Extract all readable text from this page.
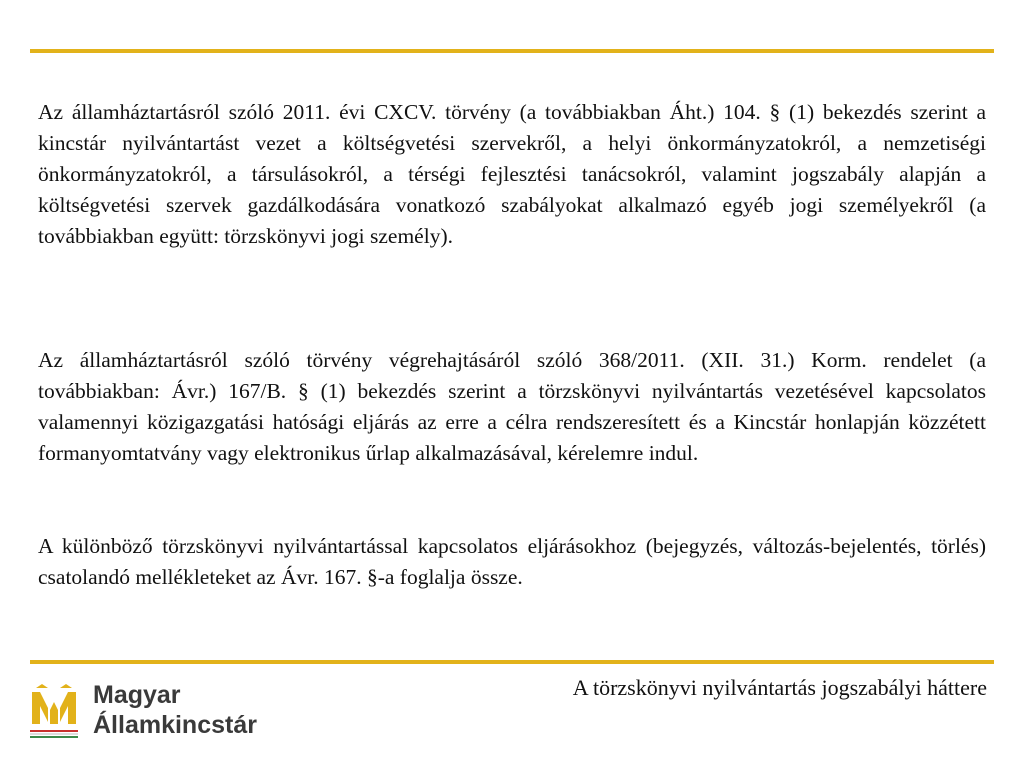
Az államháztartásról szóló 2011. évi CXCV. törvény (a továbbiakban Áht.) 104. § (1) bekezdés szerint a kincstár nyilvántartást vezet a költségvetési szervekről, a helyi önkormányzatokról, a nemzetiségi önkormányzatokról, a társulásokról, a térségi fejlesztési tanácsokról, valamint jogszabály alapján a költségvetési szervek gazdálkodására vonatkozó szabályokat alkalmazó egyéb jogi személyekről (a továbbiakban együtt: törzskönyvi jogi személy).

Az államháztartásról szóló törvény végrehajtásáról szóló 368/2011. (XII. 31.) Korm. rendelet (a továbbiakban: Ávr.) 167/B. § (1) bekezdés szerint a törzskönyvi nyilvántartás vezetésével kapcsolatos valamennyi közigazgatási hatósági eljárás az erre a célra rendszeresített és a Kincstár honlapján közzétett formanyomtatvány vagy elektronikus űrlap alkalmazásával, kérelemre indul.

A különböző törzskönyvi nyilvántartással kapcsolatos eljárásokhoz (bejegyzés, változás-bejelentés, törlés) csatolandó mellékleteket az Ávr. 167. §-a foglalja össze.

Magyar
Államkincstár
A törzskönyvi nyilvántartás jogszabályi háttere
